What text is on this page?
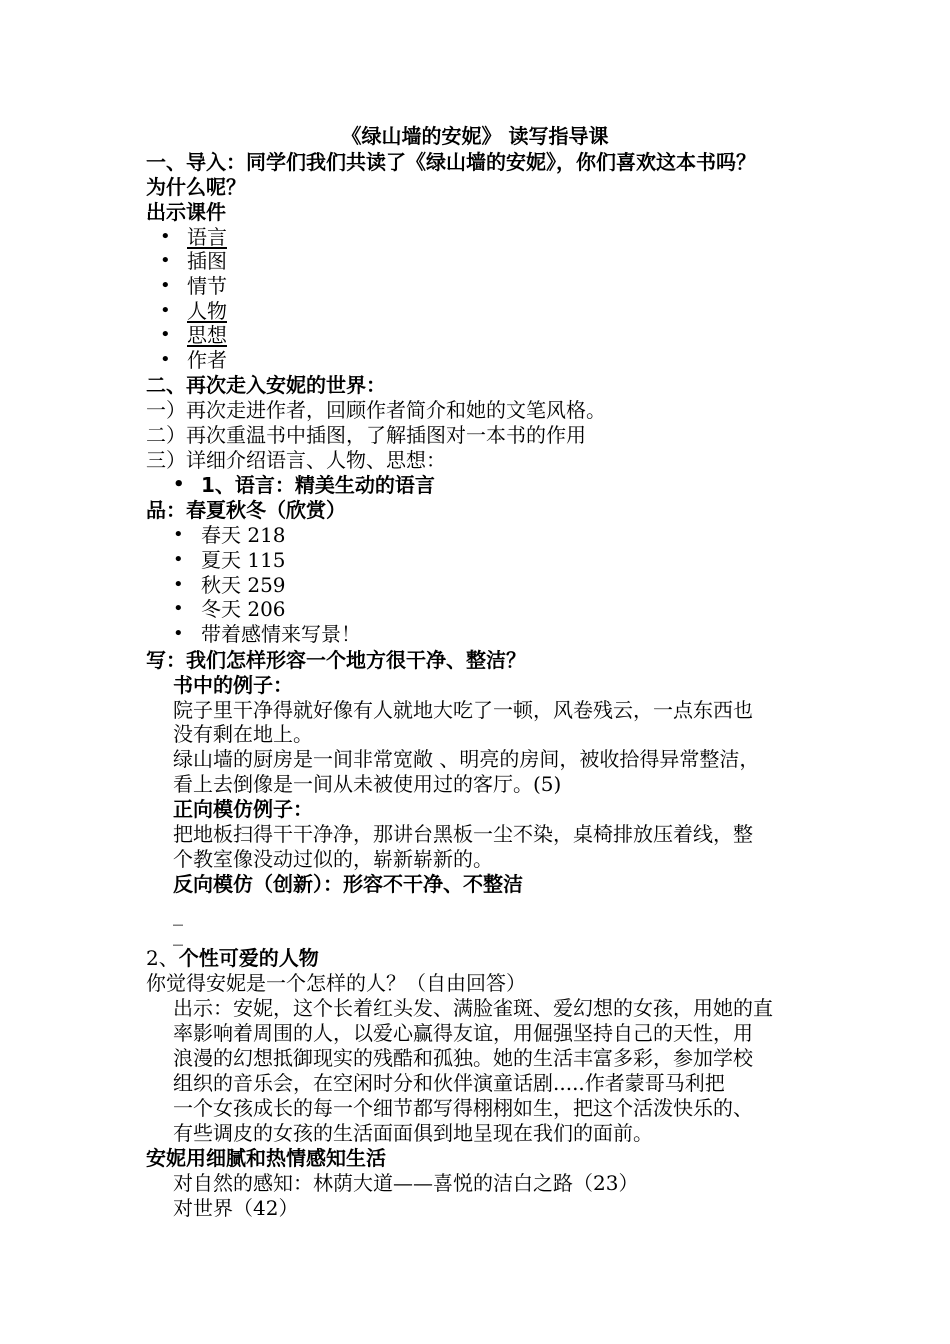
《绿山墙的安妮》 读写指导课
一、导入：同学们我们共读了《绿山墙的安妮》，你们喜欢这本书吗？
为什么呢？
出示课件
• 语言
• 插图
• 情节
• 人物
• 思想
• 作者
二、再次走入安妮的世界：
一）再次走进作者，回顾作者简介和她的文笔风格。
二）再次重温书中插图，了解插图对一本书的作用
三）详细介绍语言、人物、思想：
• 1、语言：精美生动的语言
品：春夏秋冬（欣赏）
• 春天 218
• 夏天 115
• 秋天 259
• 冬天 206
• 带着感情来写景！
写：我们怎样形容一个地方很干净、整洁？
书中的例子：
院子里干净得就好像有人就地大吃了一顿，风卷残云，一点东西也
没有剩在地上。
绿山墙的厨房是一间非常宽敞 、明亮的房间，被收拾得异常整洁，
看上去倒像是一间从未被使用过的客厅。(5)
正向模仿例子：
把地板扫得干干净净，那讲台黑板一尘不染，桌椅排放压着线，整
个教室像没动过似的，崭新崭新的。
反向模仿（创新）：形容不干净、不整洁
_
_
2、个性可爱的人物
你觉得安妮是一个怎样的人？（自由回答）
出示：安妮，这个长着红头发、满脸雀斑、爱幻想的女孩，用她的直
率影响着周围的人，以爱心赢得友谊，用倔强坚持自己的天性，用
浪漫的幻想抵御现实的残酷和孤独。她的生活丰富多彩，参加学校
组织的音乐会，在空闲时分和伙伴演童话剧.....作者蒙哥马利把
一个女孩成长的每一个细节都写得栩栩如生，把这个活泼快乐的、
有些调皮的女孩的生活面面俱到地呈现在我们的面前。
安妮用细腻和热情感知生活
对自然的感知：林荫大道——喜悦的洁白之路（23）
对世界（42）
